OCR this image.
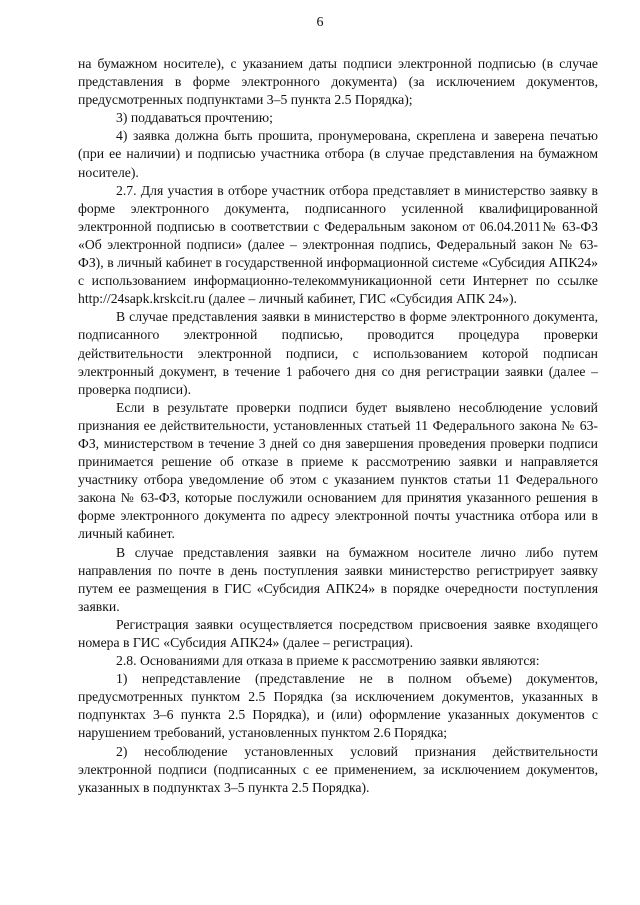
6

на бумажном носителе), с указанием даты подписи электронной подписью (в случае представления в форме электронного документа) (за исключением документов, предусмотренных подпунктами 3–5 пункта 2.5 Порядка);

3) поддаваться прочтению;

4) заявка должна быть прошита, пронумерована, скреплена и заверена печатью (при ее наличии) и подписью участника отбора (в случае представления на бумажном носителе).

2.7. Для участия в отборе участник отбора представляет в министерство заявку в форме электронного документа, подписанного усиленной квалифицированной электронной подписью в соответствии с Федеральным законом от 06.04.2011№ 63-ФЗ «Об электронной подписи» (далее – электронная подпись, Федеральный закон № 63-ФЗ), в личный кабинет в государственной информационной системе «Субсидия АПК24» с использованием информационно-телекоммуникационной сети Интернет по ссылке http://24sapk.krskcit.ru (далее – личный кабинет, ГИС «Субсидия АПК 24»).

В случае представления заявки в министерство в форме электронного документа, подписанного электронной подписью, проводится процедура проверки действительности электронной подписи, с использованием которой подписан электронный документ, в течение 1 рабочего дня со дня регистрации заявки (далее – проверка подписи).

Если в результате проверки подписи будет выявлено несоблюдение условий признания ее действительности, установленных статьей 11 Федерального закона № 63-ФЗ, министерством в течение 3 дней со дня завершения проведения проверки подписи принимается решение об отказе в приеме к рассмотрению заявки и направляется участнику отбора уведомление об этом с указанием пунктов статьи 11 Федерального закона № 63-ФЗ, которые послужили основанием для принятия указанного решения в форме электронного документа по адресу электронной почты участника отбора или в личный кабинет.

В случае представления заявки на бумажном носителе лично либо путем направления по почте в день поступления заявки министерство регистрирует заявку путем ее размещения в ГИС «Субсидия АПК24» в порядке очередности поступления заявки.

Регистрация заявки осуществляется посредством присвоения заявке входящего номера в ГИС «Субсидия АПК24» (далее – регистрация).

2.8. Основаниями для отказа в приеме к рассмотрению заявки являются:

1) непредставление (представление не в полном объеме) документов, предусмотренных пунктом 2.5 Порядка (за исключением документов, указанных в подпунктах 3–6 пункта 2.5 Порядка), и (или) оформление указанных документов с нарушением требований, установленных пунктом 2.6 Порядка;

2) несоблюдение установленных условий признания действительности электронной подписи (подписанных с ее применением, за исключением документов, указанных в подпунктах 3–5 пункта 2.5 Порядка).
